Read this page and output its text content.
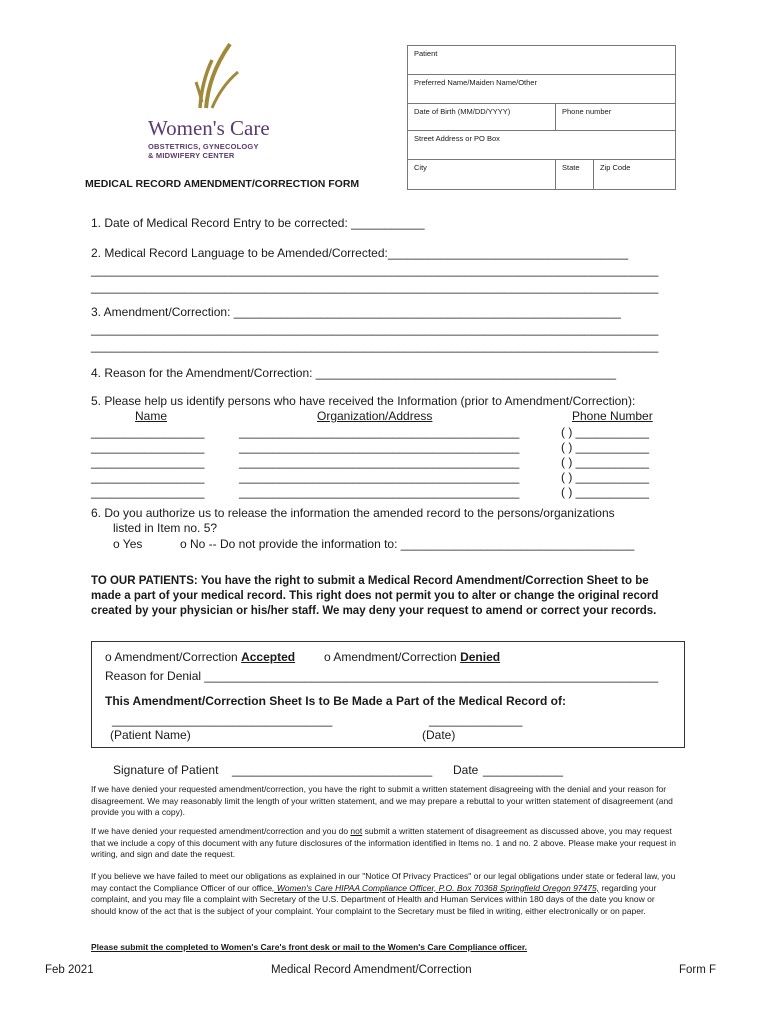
Women's Care
OBSTETRICS, GYNECOLOGY
& MIDWIFERY CENTER
Patient		
Preferred Name/Maiden Name/Other		
Date of Birth (MM/DD/YYYY)	Phone number	
Street Address or PO Box		
City	State	Zip Code
MEDICAL RECORD AMENDMENT/CORRECTION FORM
1. Date of Medical Record Entry to be corrected: ___________
2. Medical Record Language to be Amended/Corrected:____________________________________
_____________________________________________________________________________________
_____________________________________________________________________________________
3. Amendment/Correction: __________________________________________________________
_____________________________________________________________________________________
_____________________________________________________________________________________
4. Reason for the Amendment/Correction: _____________________________________________
5. Please help us identify persons who have received the Information (prior to Amendment/Correction):
Name	Organization/Address	Phone Number
_________________	__________________________________________	( ) ___________
_________________	__________________________________________	( ) ___________
_________________	__________________________________________	( ) ___________
_________________	__________________________________________	( ) ___________
_________________	__________________________________________	( ) ___________
6. Do you authorize us to release the information the amended record to the persons/organizations
listed in Item no. 5?
o Yes	o No -- Do not provide the information to: ___________________________________
TO OUR PATIENTS: You have the right to submit a Medical Record Amendment/Correction Sheet to be made a part of your medical record. This right does not permit you to alter or change the original record created by your physician or his/her staff. We may deny your request to amend or correct your records.
o Amendment/Correction Accepted o Amendment/Correction Denied
Reason for Denial ____________________________________________________________________
This Amendment/Correction Sheet Is to Be Made a Part of the Medical Record of:
_________________________________	______________
(Patient Name)	(Date)
Signature of Patient ______________________________ Date ____________
If we have denied your requested amendment/correction, you have the right to submit a written statement disagreeing with the denial and your reason for disagreement. We may reasonably limit the length of your written statement, and we may prepare a rebuttal to your written statement of disagreement (and provide you with a copy).
If we have denied your requested amendment/correction and you do not submit a written statement of disagreement as discussed above, you may request that we include a copy of this document with any future disclosures of the information identified in Items no. 1 and no. 2 above. Please make your request in writing, and sign and date the request.
If you believe we have failed to meet our obligations as explained in our "Notice Of Privacy Practices" or our legal obligations under state or federal law, you may contact the Compliance Officer of our office, Women's Care HIPAA Compliance Officer, P.O. Box 70368 Springfield Oregon 97475, regarding your complaint, and you may file a complaint with Secretary of the U.S. Department of Health and Human Services within 180 days of the date you know or should know of the act that is the subject of your complaint. Your complaint to the Secretary must be filed in writing, either electronically or on paper.
Please submit the completed to Women's Care's front desk or mail to the Women's Care Compliance officer.
Feb 2021	Medical Record Amendment/Correction	Form F
